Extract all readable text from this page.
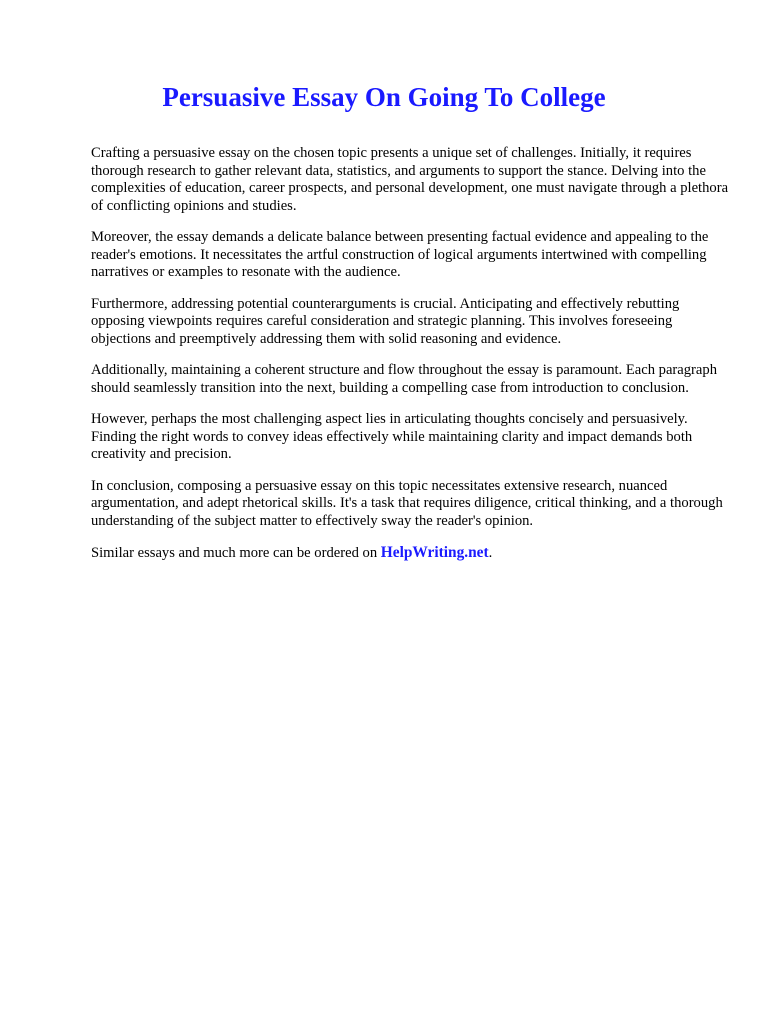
Persuasive Essay On Going To College

Crafting a persuasive essay on the chosen topic presents a unique set of challenges. Initially, it requires thorough research to gather relevant data, statistics, and arguments to support the stance. Delving into the complexities of education, career prospects, and personal development, one must navigate through a plethora of conflicting opinions and studies.

Moreover, the essay demands a delicate balance between presenting factual evidence and appealing to the reader's emotions. It necessitates the artful construction of logical arguments intertwined with compelling narratives or examples to resonate with the audience.

Furthermore, addressing potential counterarguments is crucial. Anticipating and effectively rebutting opposing viewpoints requires careful consideration and strategic planning. This involves foreseeing objections and preemptively addressing them with solid reasoning and evidence.

Additionally, maintaining a coherent structure and flow throughout the essay is paramount. Each paragraph should seamlessly transition into the next, building a compelling case from introduction to conclusion.

However, perhaps the most challenging aspect lies in articulating thoughts concisely and persuasively. Finding the right words to convey ideas effectively while maintaining clarity and impact demands both creativity and precision.

In conclusion, composing a persuasive essay on this topic necessitates extensive research, nuanced argumentation, and adept rhetorical skills. It's a task that requires diligence, critical thinking, and a thorough understanding of the subject matter to effectively sway the reader's opinion.

Similar essays and much more can be ordered on HelpWriting.net.
